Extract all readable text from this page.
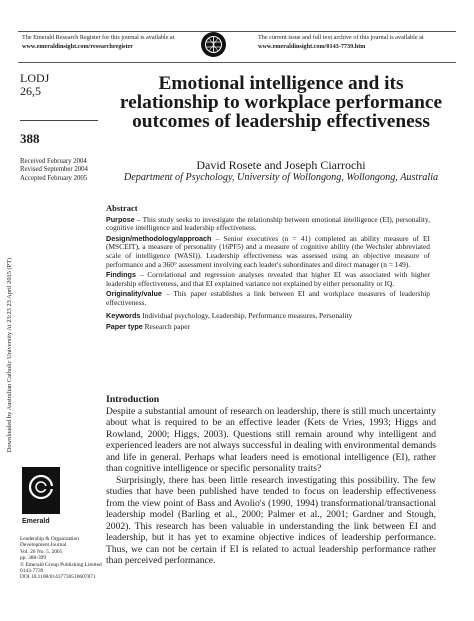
The Emerald Research Register for this journal is available at
www.emeraldinsight.com/researchregister
The current issue and full text archive of this journal is available at
www.emeraldinsight.com/0143-7739.htm
LODJ
26,5
388
Received February 2004
Revised September 2004
Accepted February 2005
Downloaded by Australian Catholic University At 23:23 23 April 2015 (PT)
Emerald
Leadership & Organization
Development Journal
Vol. 26 No. 5, 2005
pp. 388-399
© Emerald Group Publishing Limited
0143-7739
DOI 10.1108/01437730510607871
Emotional intelligence and its relationship to workplace performance outcomes of leadership effectiveness
David Rosete and Joseph Ciarrochi
Department of Psychology, University of Wollongong, Wollongong, Australia
Abstract

Purpose – This study seeks to investigate the relationship between emotional intelligence (EI), personality, cognitive intelligence and leadership effectiveness.

Design/methodology/approach – Senior executives (n = 41) completed an ability measure of EI (MSCEIT), a measure of personality (16PF5) and a measure of cognitive ability (the Wechsler abbreviated scale of intelligence (WASI)). Leadership effectiveness was assessed using an objective measure of performance and a 360° assessment involving each leader's subordinates and direct manager (n = 149).

Findings – Correlational and regression analyses revealed that higher EI was associated with higher leadership effectiveness, and that EI explained variance not explained by either personality or IQ.

Originality/value – This paper establishes a link between EI and workplace measures of leadership effectiveness.

Keywords Individual psychology, Leadership, Performance measures, Personality

Paper type Research paper

Introduction

Despite a substantial amount of research on leadership, there is still much uncertainty about what is required to be an effective leader (Kets de Vries, 1993; Higgs and Rowland, 2000; Higgs, 2003). Questions still remain around why intelligent and experienced leaders are not always successful in dealing with environmental demands and life in general. Perhaps what leaders need is emotional intelligence (EI), rather than cognitive intelligence or specific personality traits?

Surprisingly, there has been little research investigating this possibility. The few studies that have been published have tended to focus on leadership effectiveness from the view point of Bass and Avolio's (1990, 1994) transformational/transactional leadership model (Barling et al., 2000; Palmer et al., 2001; Gardner and Stough, 2002). This research has been valuable in understanding the link between EI and leadership, but it has yet to examine objective indices of leadership performance. Thus, we can not be certain if EI is related to actual leadership performance rather than perceived performance.
